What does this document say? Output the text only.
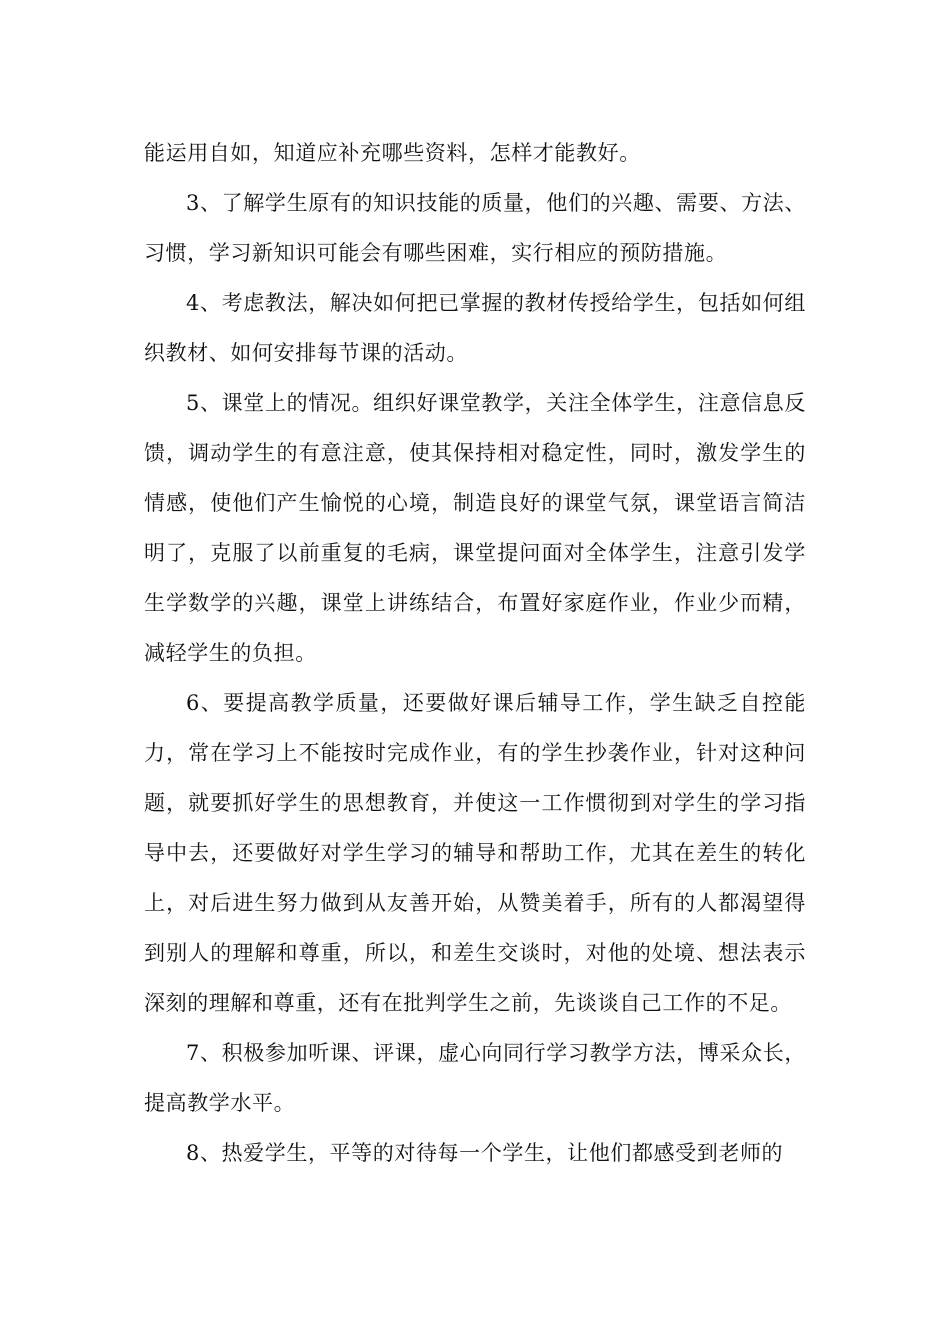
能运用自如，知道应补充哪些资料，怎样才能教好。

3、了解学生原有的知识技能的质量，他们的兴趣、需要、方法、习惯，学习新知识可能会有哪些困难，实行相应的预防措施。

4、考虑教法，解决如何把已掌握的教材传授给学生，包括如何组织教材、如何安排每节课的活动。

5、课堂上的情况。组织好课堂教学，关注全体学生，注意信息反馈，调动学生的有意注意，使其保持相对稳定性，同时，激发学生的情感，使他们产生愉悦的心境，制造良好的课堂气氛，课堂语言简洁明了，克服了以前重复的毛病，课堂提问面对全体学生，注意引发学生学数学的兴趣，课堂上讲练结合，布置好家庭作业，作业少而精，减轻学生的负担。

6、要提高教学质量，还要做好课后辅导工作，学生缺乏自控能力，常在学习上不能按时完成作业，有的学生抄袭作业，针对这种问题，就要抓好学生的思想教育，并使这一工作惯彻到对学生的学习指导中去，还要做好对学生学习的辅导和帮助工作，尤其在差生的转化上，对后进生努力做到从友善开始，从赞美着手，所有的人都渴望得到别人的理解和尊重，所以，和差生交谈时，对他的处境、想法表示深刻的理解和尊重，还有在批判学生之前，先谈谈自己工作的不足。

7、积极参加听课、评课，虚心向同行学习教学方法，博采众长，提高教学水平。

8、热爱学生，平等的对待每一个学生，让他们都感受到老师的
